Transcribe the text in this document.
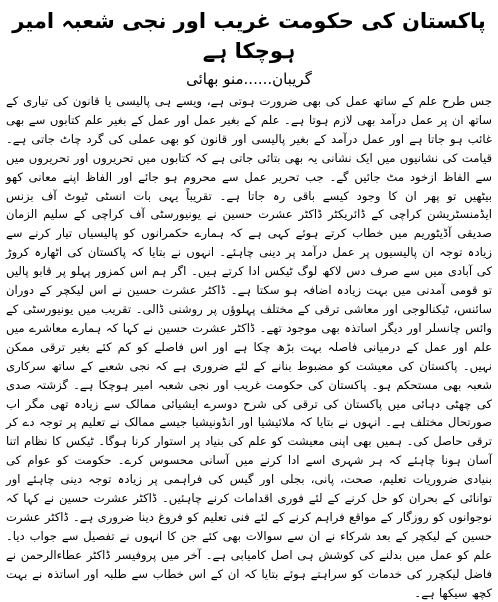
پاکستان کی حکومت غریب اور نجی شعبہ امیر ہوچکا ہے
گریبان......منو بھائی
جس طرح علم کے ساتھ عمل کی بھی ضرورت ہوتی ہے، ویسے ہی پالیسی یا قانون کی تیاری کے ساتھ ان پر عمل درآمد بھی لازم ہوتا ہے۔ علم کے بغیر عمل اور عمل کے بغیر علم کتابوں سے بھی غائب ہو جاتا ہے اور عمل درآمد کے بغیر پالیسی اور قانون کو بھی عملی کی گرد چاٹ جاتی ہے۔ قیامت کی نشانیوں میں ایک نشانی یہ بھی بتائی جاتی ہے کہ کتابوں میں تحریروں اور تحریروں میں سے الفاظ ازخود مٹ جائیں گے۔ جب تحریر عمل سے محروم ہو جائے اور الفاظ اپنے معانی کھو بیٹھیں تو پھر ان کا وجود کیسے باقی رہ جاتا ہے۔ تقریباً یہی بات انسٹی ٹیوٹ آف بزنس ایڈمنسٹریشن کراچی کے ڈائریکٹر ڈاکٹر عشرت حسین نے یونیورسٹی آف کراچی کے سلیم الزمان صدیقی آڈیٹوریم میں خطاب کرتے ہوئے کہی ہے کہ ہمارے حکمرانوں کو پالیسیاں تیار کرنے سے زیادہ توجہ ان پالیسیوں پر عمل درآمد پر دینی چاہئے۔ انہوں نے بتایا کہ پاکستان کی اٹھارہ کروڑ کی آبادی میں سے صرف دس لاکھ لوگ ٹیکس ادا کرتے ہیں۔ اگر ہم اس کمزور پہلو پر قابو پالیں تو قومی آمدنی میں بہت زیادہ اضافہ ہو سکتا ہے۔ ڈاکٹر عشرت حسین نے اس لیکچر کے دوران سائنس، ٹیکنالوجی اور معاشی ترقی کے مختلف پہلوؤں پر روشنی ڈالی۔ تقریب میں یونیورسٹی کے وائس چانسلر اور دیگر اساتذہ بھی موجود تھے۔ ڈاکٹر عشرت حسین نے کہا کہ ہمارے معاشرے میں علم اور عمل کے درمیانی فاصلہ بہت بڑھ چکا ہے اور اس فاصلے کو کم کئے بغیر ترقی ممکن نہیں۔ پاکستان کی معیشت کو مضبوط بنانے کے لئے ضروری ہے کہ نجی شعبے کے ساتھ سرکاری شعبہ بھی مستحکم ہو۔ پاکستان کی حکومت غریب اور نجی شعبہ امیر ہوچکا ہے۔ گزشتہ صدی کی چھٹی دہائی میں پاکستان کی ترقی کی شرح دوسرے ایشیائی ممالک سے زیادہ تھی مگر اب صورتحال مختلف ہے۔ انہوں نے بتایا کہ ملائیشیا اور انڈونیشیا جیسے ممالک نے تعلیم پر توجہ دے کر ترقی حاصل کی۔ ہمیں بھی اپنی معیشت کو علم کی بنیاد پر استوار کرنا ہوگا۔ ٹیکس کا نظام اتنا آسان ہونا چاہئے کہ ہر شہری اسے ادا کرنے میں آسانی محسوس کرے۔ حکومت کو عوام کی بنیادی ضروریات تعلیم، صحت، پانی، بجلی اور گیس کی فراہمی پر زیادہ توجہ دینی چاہئے اور توانائی کے بحران کو حل کرنے کے لئے فوری اقدامات کرنے چاہئیں۔ ڈاکٹر عشرت حسین نے کہا کہ نوجوانوں کو روزگار کے مواقع فراہم کرنے کے لئے فنی تعلیم کو فروغ دینا ضروری ہے۔ ڈاکٹر عشرت حسین کے لیکچر کے بعد شرکاء نے ان سے سوالات بھی کئے جن کا انہوں نے تفصیل سے جواب دیا۔ علم کو عمل میں بدلنے کی کوشش ہی اصل کامیابی ہے۔ آخر میں پروفیسر ڈاکٹر عطاءالرحمن نے فاضل لیکچرر کی خدمات کو سراہتے ہوئے بتایا کہ ان کے اس خطاب سے طلبہ اور اساتذہ نے بہت کچھ سیکھا ہے۔
